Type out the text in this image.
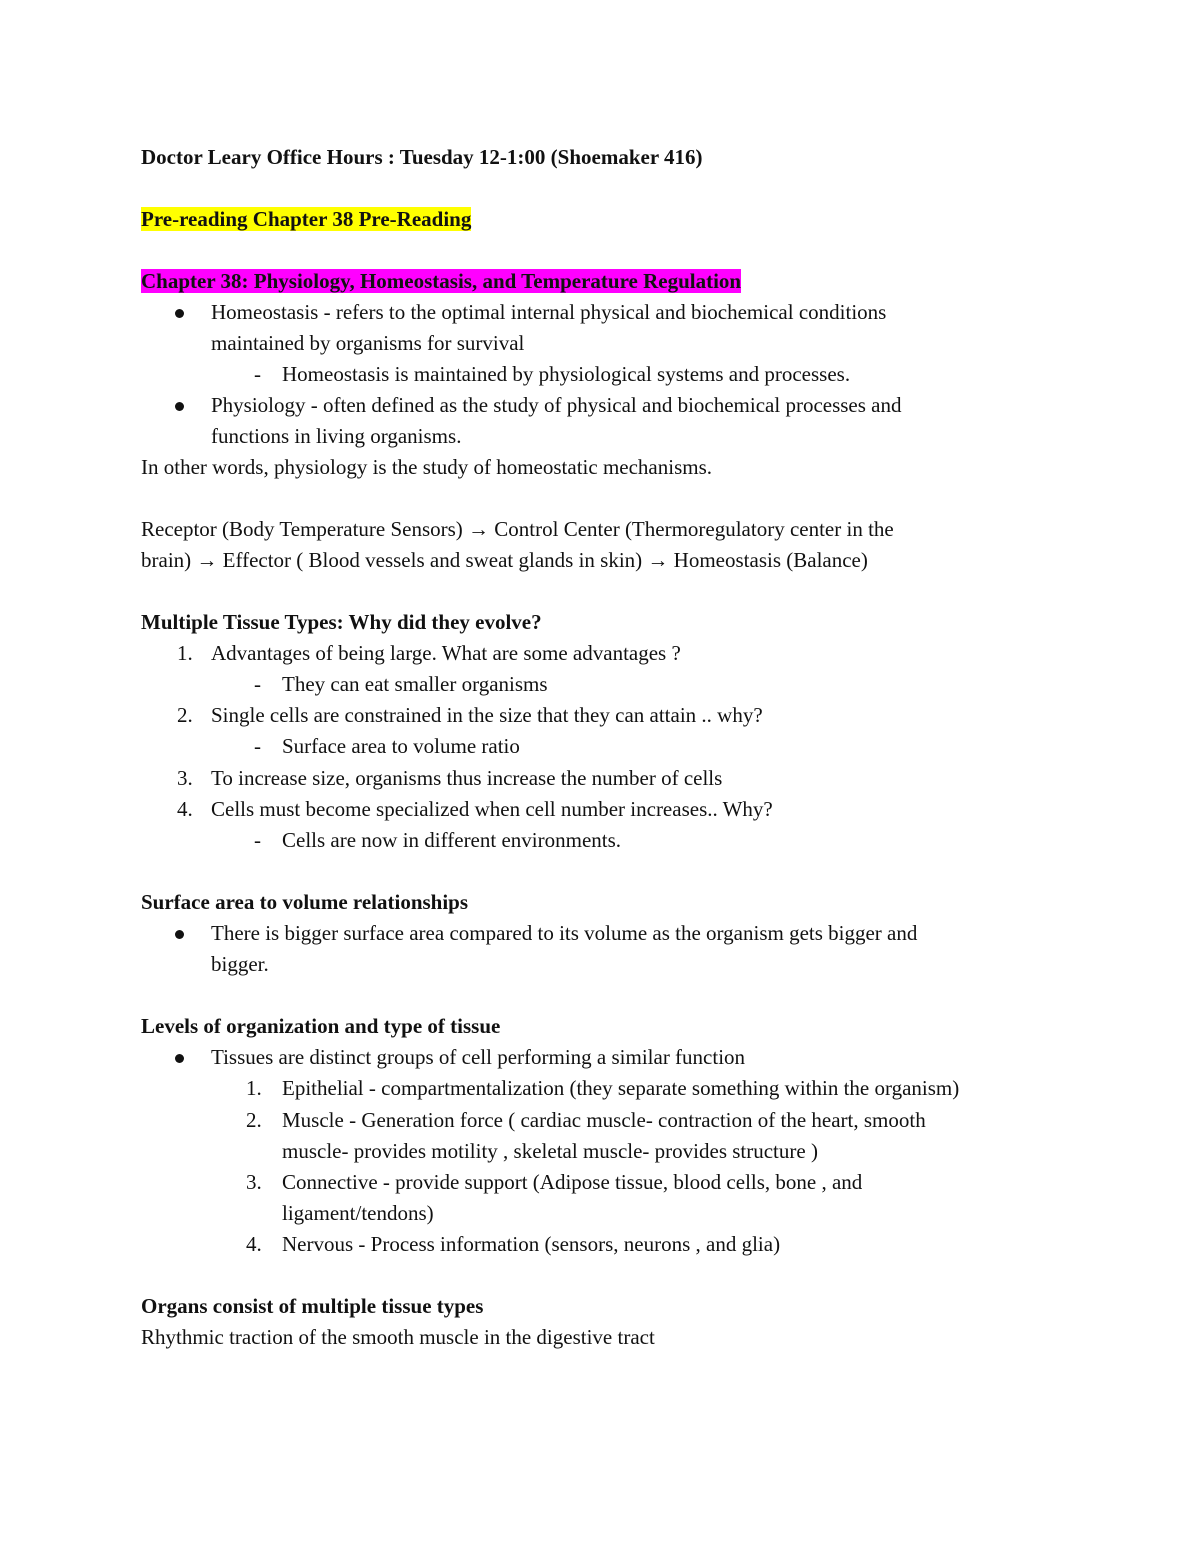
Doctor Leary Office Hours : Tuesday 12-1:00 (Shoemaker 416)
Pre-reading Chapter 38 Pre-Reading
Chapter 38: Physiology, Homeostasis, and Temperature Regulation
Homeostasis - refers to the optimal internal physical and biochemical conditions
maintained by organisms for survival
- Homeostasis is maintained by physiological systems and processes.
Physiology - often defined as the study of physical and biochemical processes and
functions in living organisms.
In other words, physiology is the study of homeostatic mechanisms.
Receptor (Body Temperature Sensors) → Control Center (Thermoregulatory center in the
brain) → Effector ( Blood vessels and sweat glands in skin) → Homeostasis (Balance)
Multiple Tissue Types: Why did they evolve?
1. Advantages of being large. What are some advantages ?
- They can eat smaller organisms
2. Single cells are constrained in the size that they can attain .. why?
- Surface area to volume ratio
3. To increase size, organisms thus increase the number of cells
4. Cells must become specialized when cell number increases.. Why?
- Cells are now in different environments.
Surface area to volume relationships
There is bigger surface area compared to its volume as the organism gets bigger and
bigger.
Levels of organization and type of tissue
Tissues are distinct groups of cell performing a similar function
1. Epithelial - compartmentalization (they separate something within the organism)
2. Muscle - Generation force ( cardiac muscle- contraction of the heart, smooth
muscle- provides motility , skeletal muscle- provides structure )
3. Connective - provide support (Adipose tissue, blood cells, bone , and
ligament/tendons)
4. Nervous - Process information (sensors, neurons , and glia)
Organs consist of multiple tissue types
Rhythmic traction of the smooth muscle in the digestive tract
